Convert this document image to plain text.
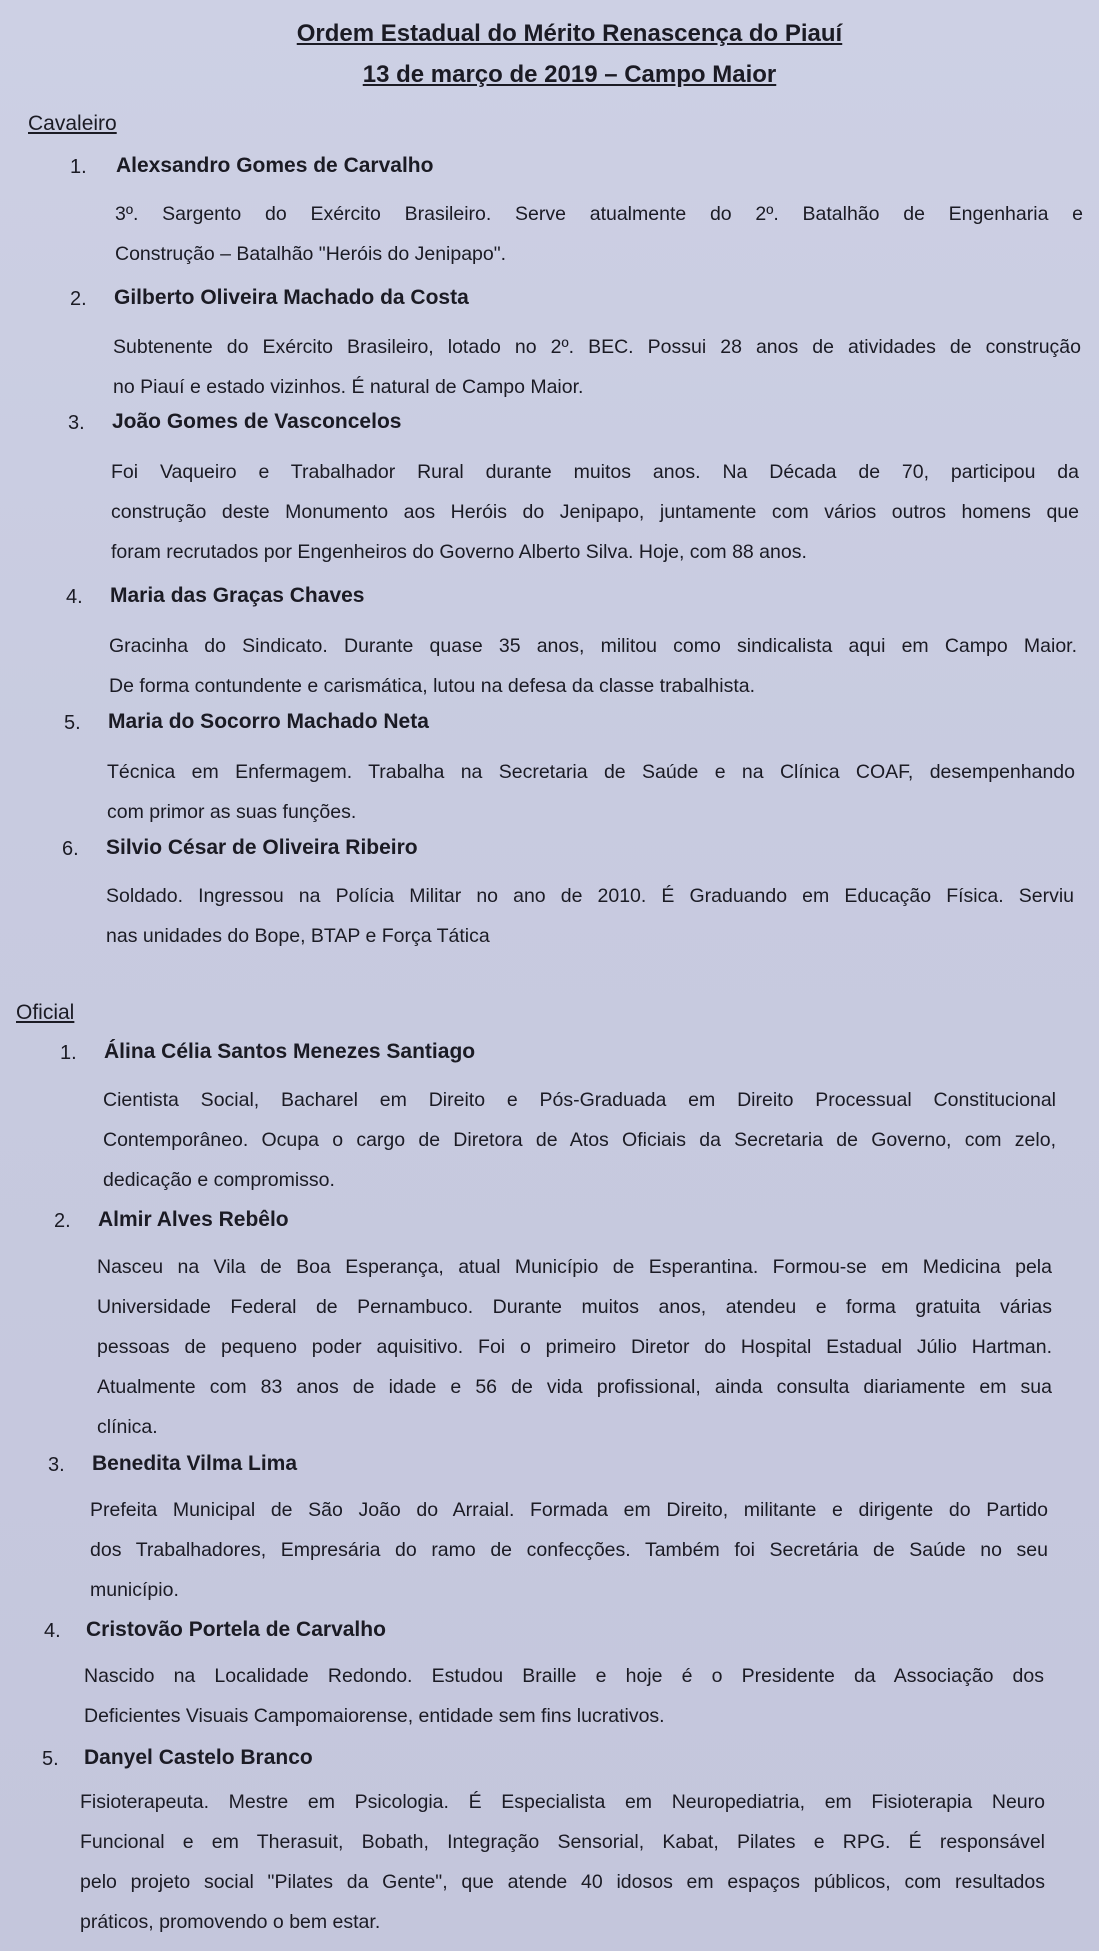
Ordem Estadual do Mérito Renascença do Piauí
13 de março de 2019 – Campo Maior
Cavaleiro
1. Alexsandro Gomes de Carvalho
3º. Sargento do Exército Brasileiro. Serve atualmente do 2º. Batalhão de Engenharia e
Construção – Batalhão "Heróis do Jenipapo".
2. Gilberto Oliveira Machado da Costa
Subtenente do Exército Brasileiro, lotado no 2º. BEC. Possui 28 anos de atividades de construção
no Piauí e estado vizinhos. É natural de Campo Maior.
3. João Gomes de Vasconcelos
Foi Vaqueiro e Trabalhador Rural durante muitos anos. Na Década de 70, participou da
construção deste Monumento aos Heróis do Jenipapo, juntamente com vários outros homens que
foram recrutados por Engenheiros do Governo Alberto Silva. Hoje, com 88 anos.
4. Maria das Graças Chaves
Gracinha do Sindicato. Durante quase 35 anos, militou como sindicalista aqui em Campo Maior.
De forma contundente e carismática, lutou na defesa da classe trabalhista.
5. Maria do Socorro Machado Neta
Técnica em Enfermagem. Trabalha na Secretaria de Saúde e na Clínica COAF, desempenhando
com primor as suas funções.
6. Silvio César de Oliveira Ribeiro
Soldado. Ingressou na Polícia Militar no ano de 2010. É Graduando em Educação Física. Serviu
nas unidades do Bope, BTAP e Força Tática
Oficial
1. Álina Célia Santos Menezes Santiago
Cientista Social, Bacharel em Direito e Pós-Graduada em Direito Processual Constitucional
Contemporâneo. Ocupa o cargo de Diretora de Atos Oficiais da Secretaria de Governo, com zelo,
dedicação e compromisso.
2. Almir Alves Rebêlo
Nasceu na Vila de Boa Esperança, atual Município de Esperantina. Formou-se em Medicina pela
Universidade Federal de Pernambuco. Durante muitos anos, atendeu e forma gratuita várias
pessoas de pequeno poder aquisitivo. Foi o primeiro Diretor do Hospital Estadual Júlio Hartman.
Atualmente com 83 anos de idade e 56 de vida profissional, ainda consulta diariamente em sua
clínica.
3. Benedita Vilma Lima
Prefeita Municipal de São João do Arraial. Formada em Direito, militante e dirigente do Partido
dos Trabalhadores, Empresária do ramo de confecções. Também foi Secretária de Saúde no seu
município.
4. Cristovão Portela de Carvalho
Nascido na Localidade Redondo. Estudou Braille e hoje é o Presidente da Associação dos
Deficientes Visuais Campomaiorense, entidade sem fins lucrativos.
5. Danyel Castelo Branco
Fisioterapeuta. Mestre em Psicologia. É Especialista em Neuropediatria, em Fisioterapia Neuro
Funcional e em Therasuit, Bobath, Integração Sensorial, Kabat, Pilates e RPG. É responsável
pelo projeto social "Pilates da Gente", que atende 40 idosos em espaços públicos, com resultados
práticos, promovendo o bem estar.
